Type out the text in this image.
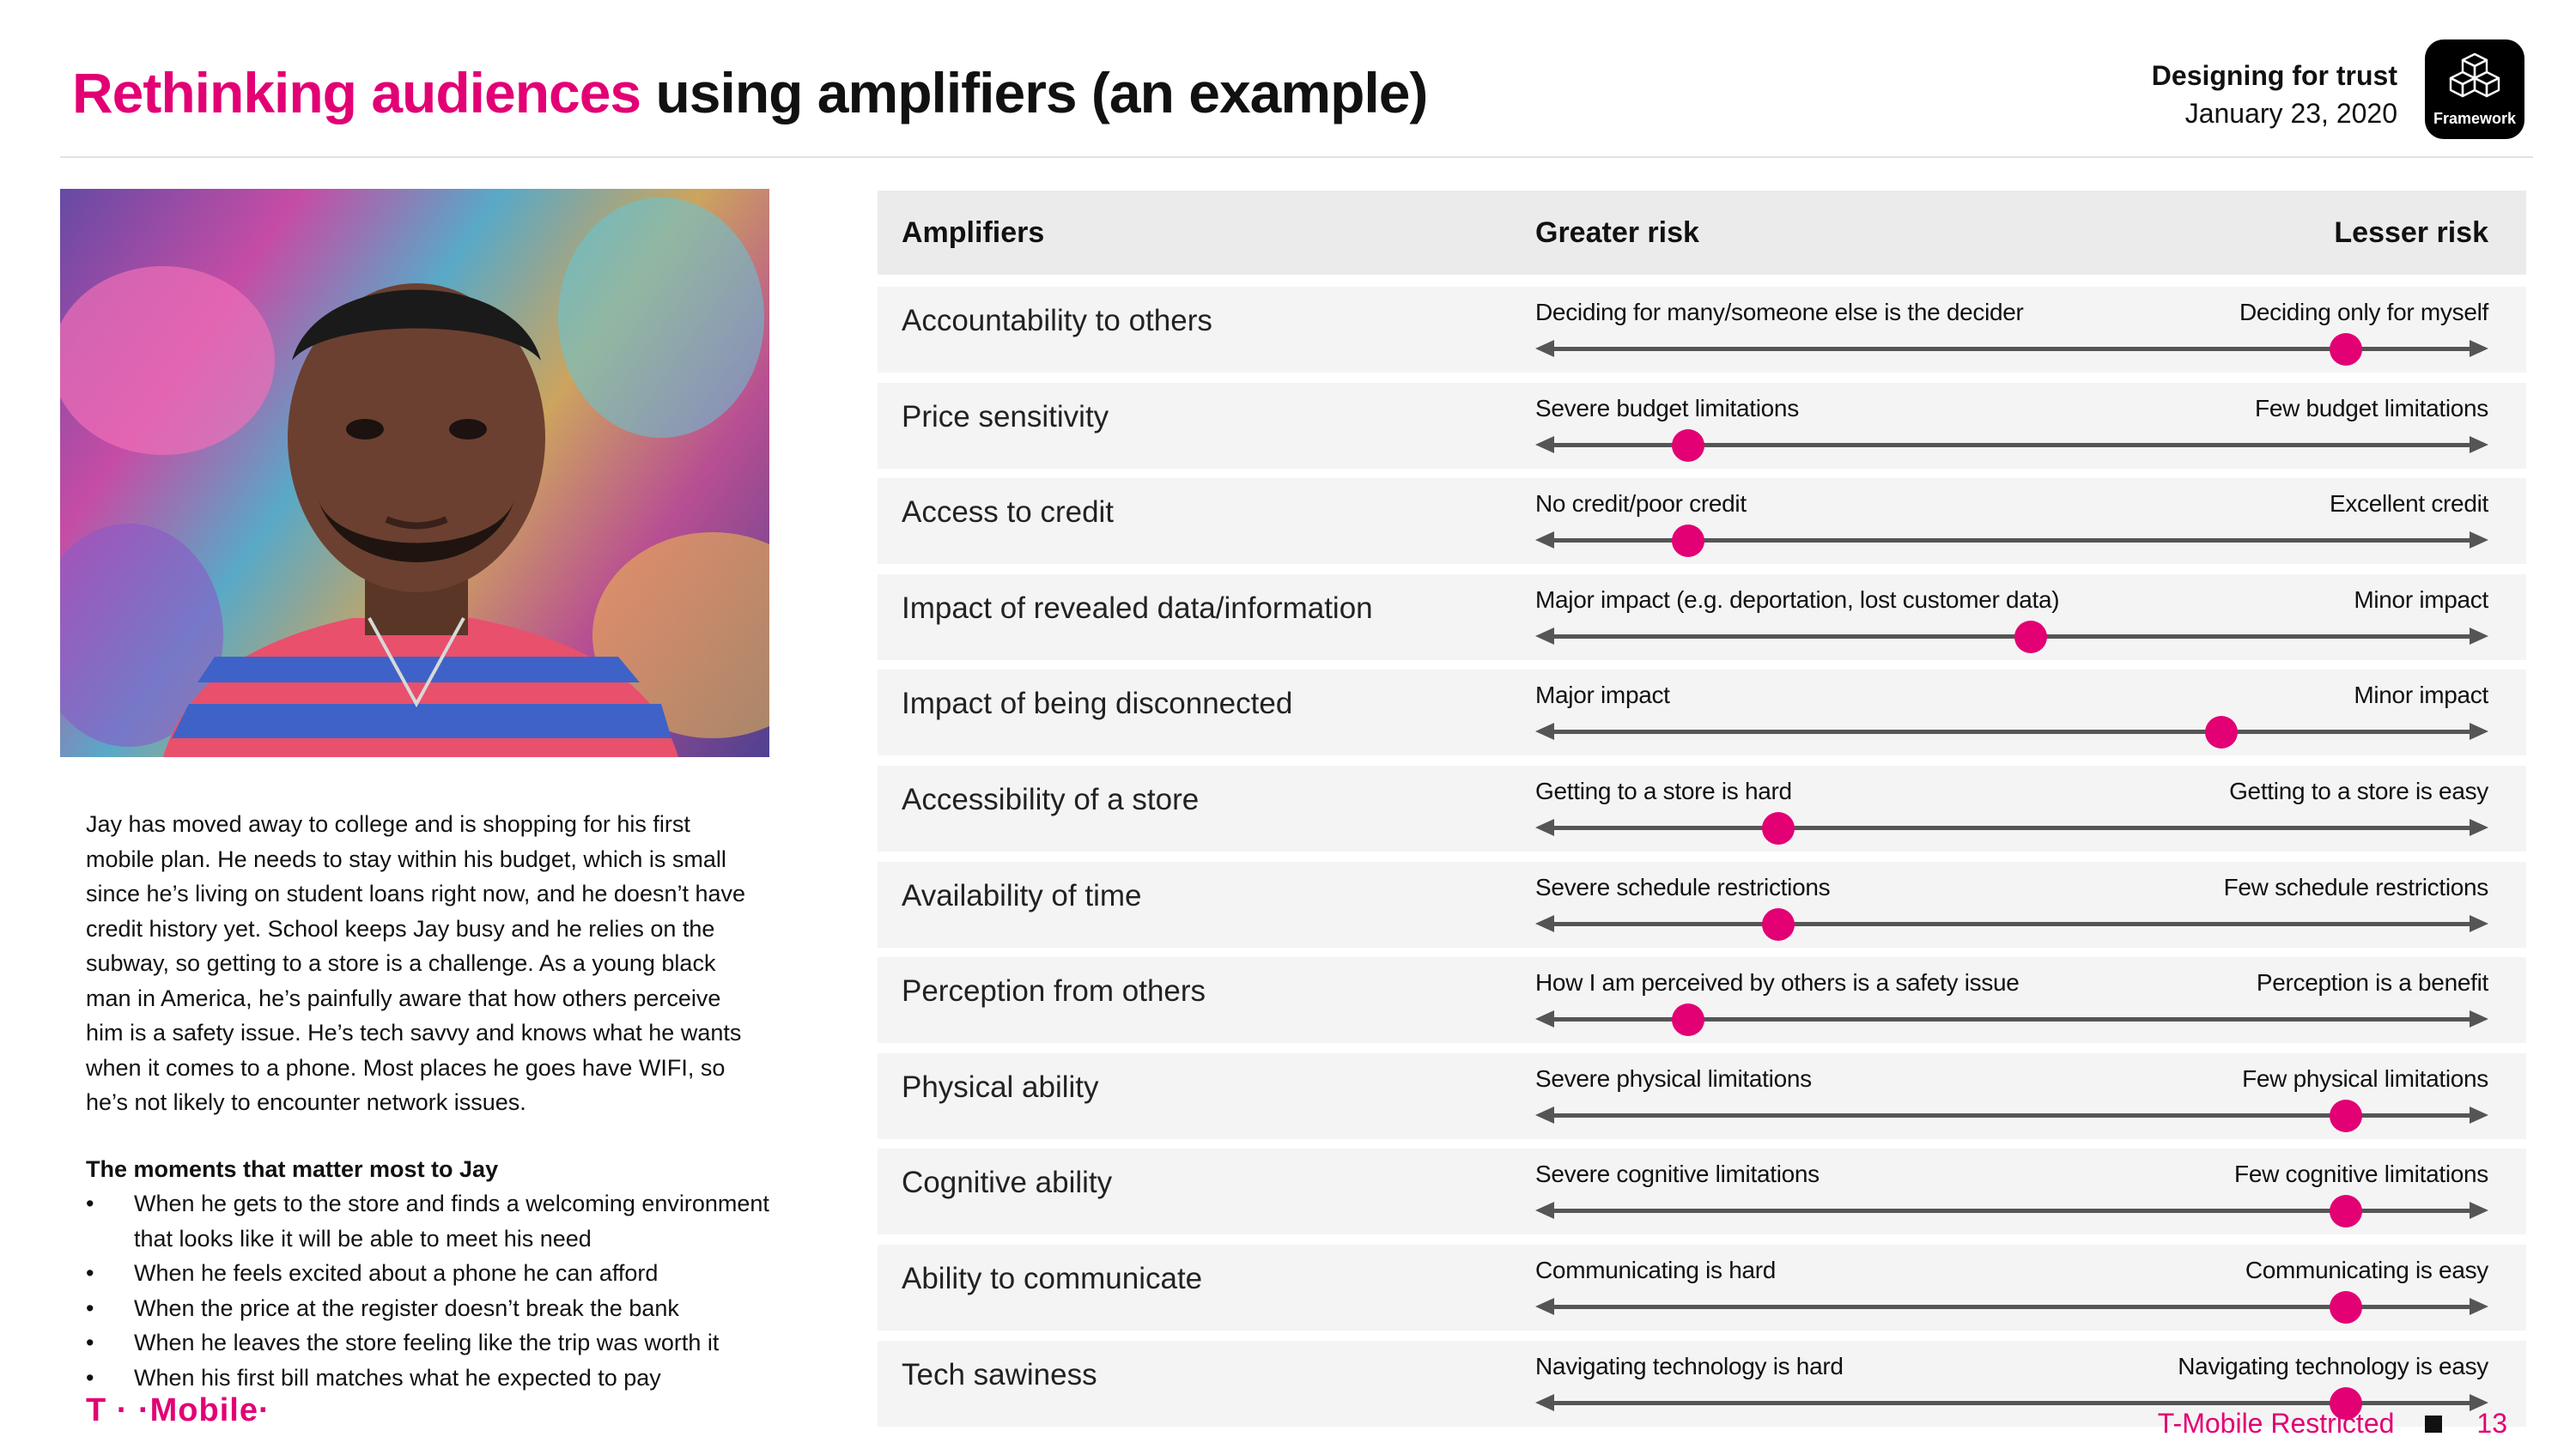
Rethinking audiences using amplifiers (an example)	Designing for trust
January 23, 2020	Framework
Jay has moved away to college and is shopping for his first mobile plan. He needs to stay within his budget, which is small since he’s living on student loans right now, and he doesn’t have credit history yet. School keeps Jay busy and he relies on the subway, so getting to a store is a challenge. As a young black man in America, he’s painfully aware that how others perceive him is a safety issue. He’s tech savvy and knows what he wants when it comes to a phone. Most places he goes have WIFI, so he’s not likely to encounter network issues.
The moments that matter most to Jay
• When he gets to the store and finds a welcoming environment that looks like it will be able to meet his need
• When he feels excited about a phone he can afford
• When the price at the register doesn’t break the bank
• When he leaves the store feeling like the trip was worth it
• When his first bill matches what he expected to pay
T · ·Mobile·
Amplifiers	Greater risk	Lesser risk
Accountability to others	Deciding for many/someone else is the decider	Deciding only for myself
Price sensitivity	Severe budget limitations	Few budget limitations
Access to credit	No credit/poor credit	Excellent credit
Impact of revealed data/information	Major impact (e.g. deportation, lost customer data)	Minor impact
Impact of being disconnected	Major impact	Minor impact
Accessibility of a store	Getting to a store is hard	Getting to a store is easy
Availability of time	Severe schedule restrictions	Few schedule restrictions
Perception from others	How I am perceived by others is a safety issue	Perception is a benefit
Physical ability	Severe physical limitations	Few physical limitations
Cognitive ability	Severe cognitive limitations	Few cognitive limitations
Ability to communicate	Communicating is hard	Communicating is easy
Tech sawiness	Navigating technology is hard	Navigating technology is easy
T-Mobile Restricted	13
